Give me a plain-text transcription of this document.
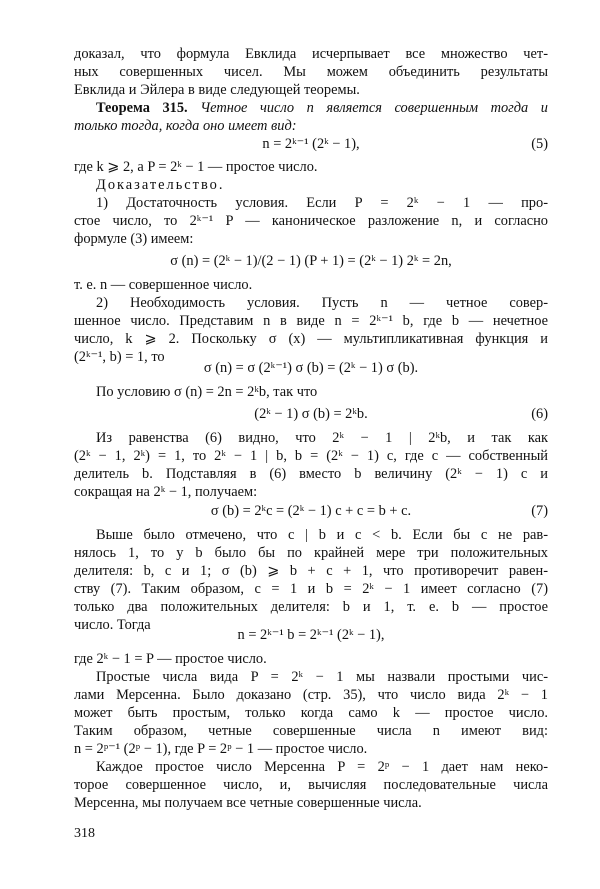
доказал, что формула Евклида исчерпывает все множество чет-
ных совершенных чисел. Мы можем объединить результаты
Евклида и Эйлера в виде следующей теоремы.
Теорема 315. Четное число n является совершенным тогда и
только тогда, когда оно имеет вид:
n = 2ᵏ⁻¹ (2ᵏ − 1),	(5)
где k ⩾ 2, а P = 2ᵏ − 1 — простое число.
Доказательство.
1) Достаточность условия. Если P = 2ᵏ − 1 — про-
стое число, то 2ᵏ⁻¹ P — каноническое разложение n, и согласно
формуле (3) имеем:
σ (n) = (2ᵏ − 1)/(2 − 1) (P + 1) = (2ᵏ − 1) 2ᵏ = 2n,
т. е. n — совершенное число.
2) Необходимость условия. Пусть n — четное совер-
шенное число. Представим n в виде n = 2ᵏ⁻¹ b, где b — нечетное
число, k ⩾ 2. Поскольку σ (x) — мультипликативная функция и
(2ᵏ⁻¹, b) = 1, то
σ (n) = σ (2ᵏ⁻¹) σ (b) = (2ᵏ − 1) σ (b).
По условию σ (n) = 2n = 2ᵏb, так что
(2ᵏ − 1) σ (b) = 2ᵏb.	(6)
Из равенства (6) видно, что 2ᵏ − 1 | 2ᵏb, и так как
(2ᵏ − 1, 2ᵏ) = 1, то 2ᵏ − 1 | b, b = (2ᵏ − 1) c, где c — собственный
делитель b. Подставляя в (6) вместо b величину (2ᵏ − 1) c и
сокращая на 2ᵏ − 1, получаем:
σ (b) = 2ᵏc = (2ᵏ − 1) c + c = b + c.	(7)
Выше было отмечено, что c | b и c < b. Если бы c не рав-
нялось 1, то у b было бы по крайней мере три положительных
делителя: b, c и 1; σ (b) ⩾ b + c + 1, что противоречит равен-
ству (7). Таким образом, c = 1 и b = 2ᵏ − 1 имеет согласно (7)
только два положительных делителя: b и 1, т. е. b — простое
число. Тогда
n = 2ᵏ⁻¹ b = 2ᵏ⁻¹ (2ᵏ − 1),
где 2ᵏ − 1 = P — простое число.
Простые числа вида P = 2ᵏ − 1 мы назвали простыми чис-
лами Мерсенна. Было доказано (стр. 35), что число вида 2ᵏ − 1
может быть простым, только когда само k — простое число.
Таким образом, четные совершенные числа n имеют вид:
n = 2ᵖ⁻¹ (2ᵖ − 1), где P = 2ᵖ − 1 — простое число.
Каждое простое число Мерсенна P = 2ᵖ − 1 дает нам неко-
торое совершенное число, и, вычисляя последовательные числа
Мерсенна, мы получаем все четные совершенные числа.
318
